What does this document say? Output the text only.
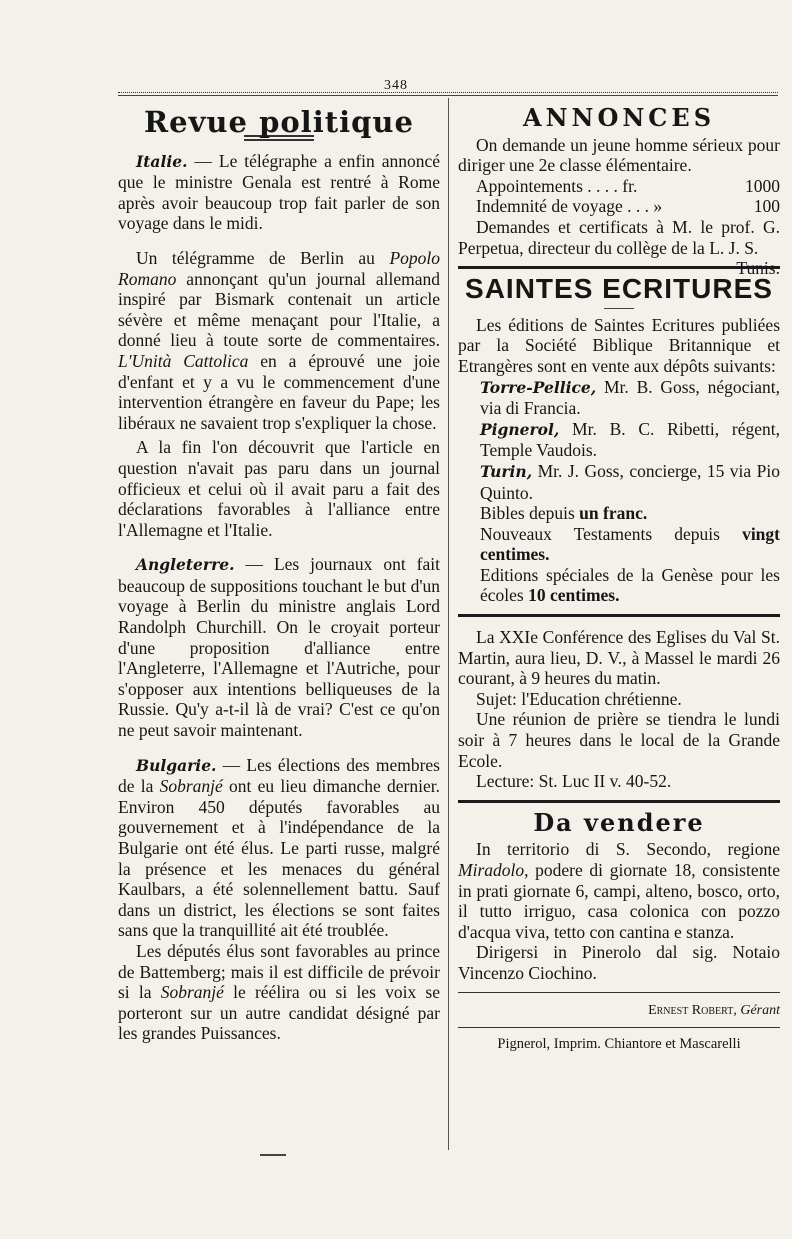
348
Revue politique

Italie. — Le télégraphe a enfin annoncé que le ministre Genala est rentré à Rome après avoir beaucoup trop fait parler de son voyage dans le midi.

Un télégramme de Berlin au Popolo Romano annonçant qu'un journal allemand inspiré par Bismark contenait un article sévère et même menaçant pour l'Italie, a donné lieu à toute sorte de commentaires. L'Unità Cattolica en a éprouvé une joie d'enfant et y a vu le commencement d'une intervention étrangère en faveur du Pape; les libéraux ne savaient trop s'expliquer la chose.

A la fin l'on découvrit que l'article en question n'avait pas paru dans un journal officieux et celui où il avait paru a fait des déclarations favorables à l'alliance entre l'Allemagne et l'Italie.

Angleterre. — Les journaux ont fait beaucoup de suppositions touchant le but d'un voyage à Berlin du ministre anglais Lord Randolph Churchill. On le croyait porteur d'une proposition d'alliance entre l'Angleterre, l'Allemagne et l'Autriche, pour s'opposer aux intentions belliqueuses de la Russie. Qu'y a-t-il là de vrai? C'est ce qu'on ne peut savoir maintenant.

Bulgarie. — Les élections des membres de la Sobranjé ont eu lieu dimanche dernier. Environ 450 députés favorables au gouvernement et à l'indépendance de la Bulgarie ont été élus. Le parti russe, malgré la présence et les menaces du général Kaulbars, a été solennellement battu. Sauf dans un district, les élections se sont faites sans que la tranquillité ait été troublée.

Les députés élus sont favorables au prince de Battemberg; mais il est difficile de prévoir si la Sobranjé le réélira ou si les voix se porteront sur un autre candidat désigné par les grandes Puissances.

ANNONCES

On demande un jeune homme sérieux pour diriger une 2e classe élémentaire.

Appointements . . . . fr.	1000
Indemnité de voyage . . . »	100

Demandes et certificats à M. le prof. G. Perpetua, directeur du collège de la L. J. S.
Tunis.

SAINTES ECRITURES

Les éditions de Saintes Ecritures publiées par la Société Biblique Britannique et Etrangères sont en vente aux dépôts suivants:

Torre-Pellice, Mr. B. Goss, négociant, via di Francia.

Pignerol, Mr. B. C. Ribetti, régent, Temple Vaudois.

Turin, Mr. J. Goss, concierge, 15 via Pio Quinto.

Bibles depuis un franc.

Nouveaux Testaments depuis vingt centimes.

Editions spéciales de la Genèse pour les écoles 10 centimes.

La XXIe Conférence des Eglises du Val St. Martin, aura lieu, D. V., à Massel le mardi 26 courant, à 9 heures du matin.

Sujet: l'Education chrétienne.

Une réunion de prière se tiendra le lundi soir à 7 heures dans le local de la Grande Ecole.

Lecture: St. Luc II v. 40-52.

Da vendere

In territorio di S. Secondo, regione Miradolo, podere di giornate 18, consistente in prati giornate 6, campi, alteno, bosco, orto, il tutto irriguo, casa colonica con pozzo d'acqua viva, tetto con cantina e stanza.

Dirigersi in Pinerolo dal sig. Notaio Vincenzo Ciochino.

Ernest Robert, Gérant
Pignerol, Imprim. Chiantore et Mascarelli
